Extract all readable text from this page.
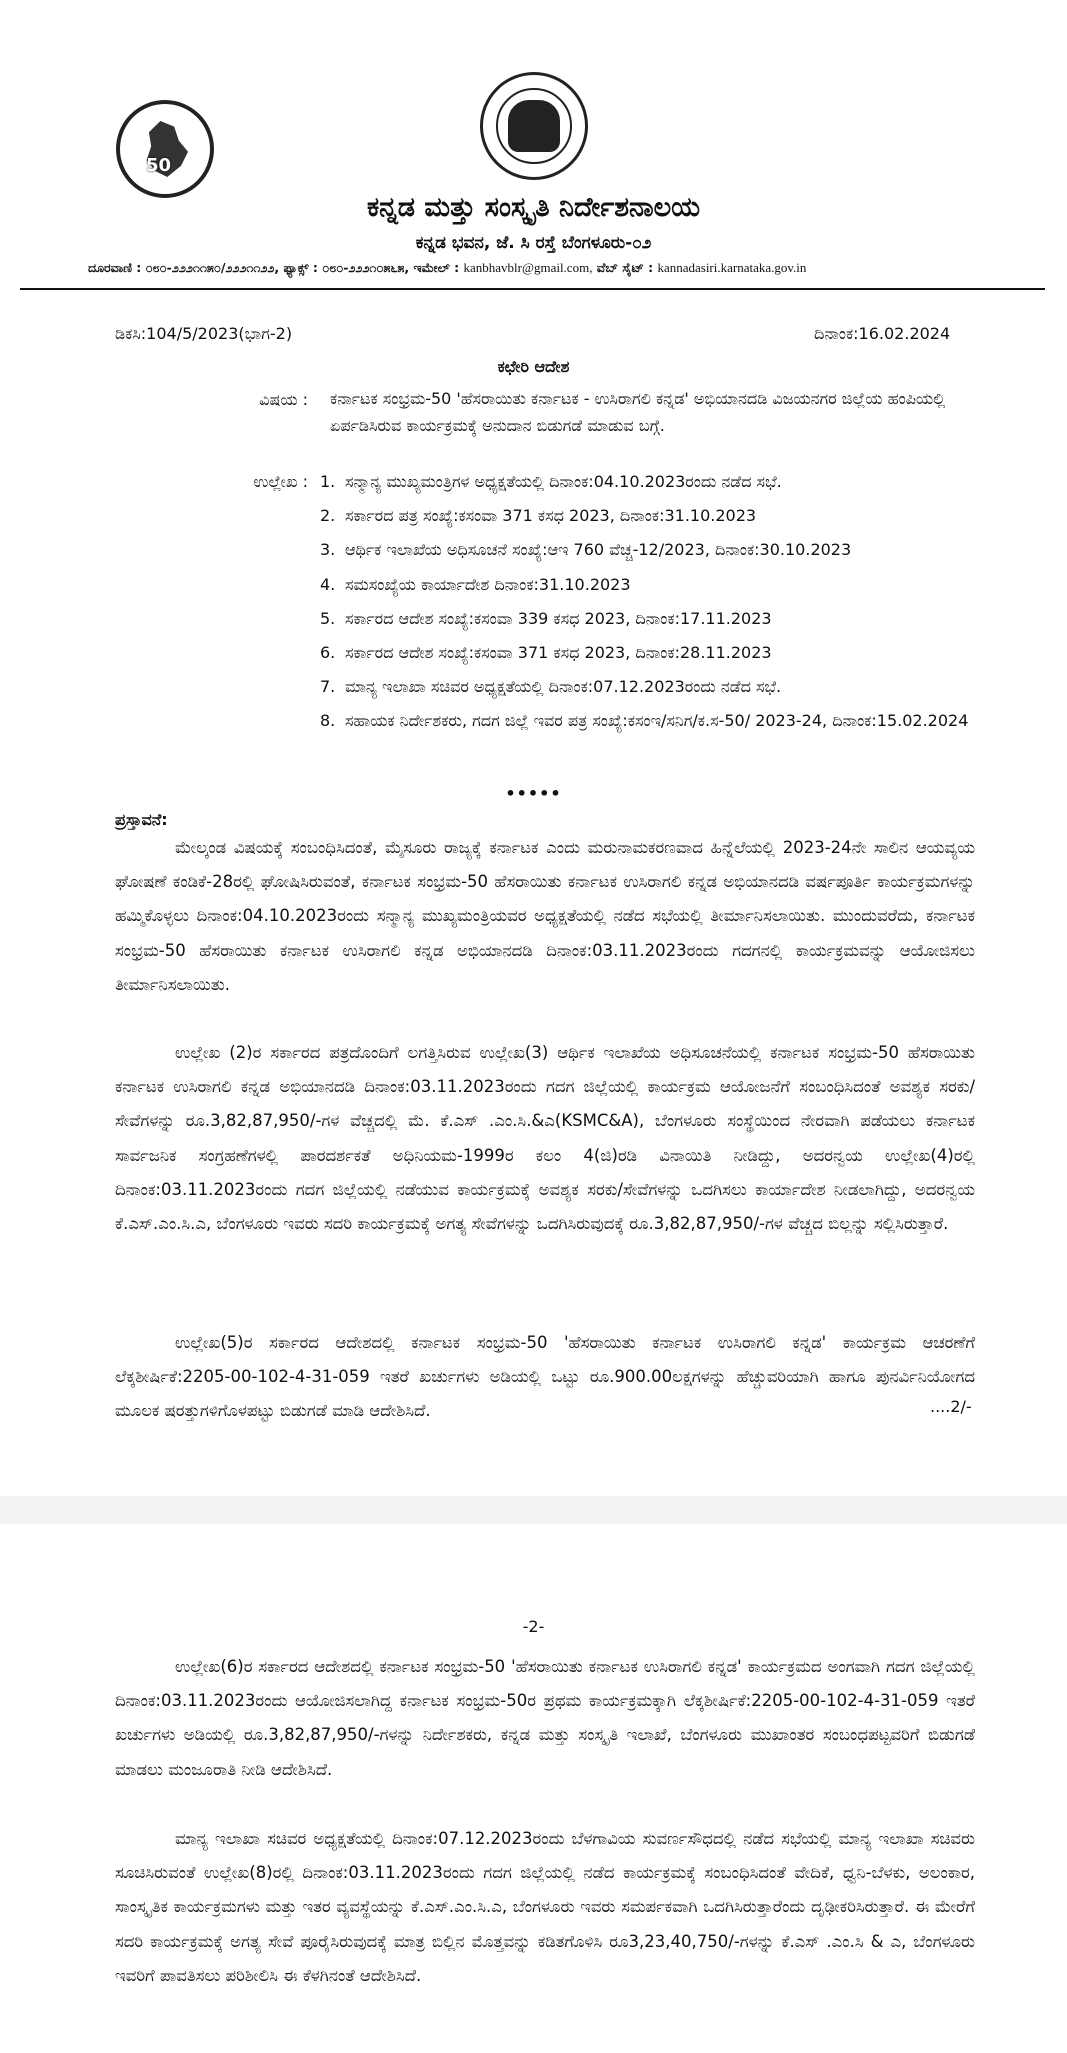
50
ಕನ್ನಡ ಮತ್ತು ಸಂಸ್ಕೃತಿ ನಿರ್ದೇಶನಾಲಯ
ಕನ್ನಡ ಭವನ, ಜೆ. ಸಿ ರಸ್ತೆ ಬೆಂಗಳೂರು-೦೨
ದೂರವಾಣಿ : ೦೮೦-೨೨೨೧೧೫೦/೨೨೨೧೧೨೨, ಫ್ಯಾಕ್ಸ್ : ೦೮೦-೨೨೨೧೦೫೬೫, ಇಮೇಲ್ : kanbhavblr@gmail.com, ವೆಬ್ ಸೈಟ್ : kannadasiri.karnataka.gov.in
ಡಿಕಸಿ:104/5/2023(ಭಾಗ-2)	ದಿನಾಂಕ:16.02.2024
ಕಛೇರಿ ಆದೇಶ
ವಿಷಯ : ಕರ್ನಾಟಕ ಸಂಭ್ರಮ-50 'ಹೆಸರಾಯಿತು ಕರ್ನಾಟಕ - ಉಸಿರಾಗಲಿ ಕನ್ನಡ' ಅಭಿಯಾನದಡಿ ವಿಜಯನಗರ ಜಿಲ್ಲೆಯ ಹಂಪಿಯಲ್ಲಿ ಏರ್ಪಡಿಸಿರುವ ಕಾರ್ಯಕ್ರಮಕ್ಕೆ ಅನುದಾನ ಬಿಡುಗಡೆ ಮಾಡುವ ಬಗ್ಗೆ.
ಉಲ್ಲೇಖ : 1. ಸನ್ಮಾನ್ಯ ಮುಖ್ಯಮಂತ್ರಿಗಳ ಅಧ್ಯಕ್ಷತೆಯಲ್ಲಿ ದಿನಾಂಕ:04.10.2023ರಂದು ನಡೆದ ಸಭೆ.
2. ಸರ್ಕಾರದ ಪತ್ರ ಸಂಖ್ಯೆ:ಕಸಂವಾ 371 ಕಸಧ 2023, ದಿನಾಂಕ:31.10.2023
3. ಆರ್ಥಿಕ ಇಲಾಖೆಯ ಅಧಿಸೂಚನೆ ಸಂಖ್ಯೆ:ಆಇ 760 ವೆಚ್ಚ-12/2023, ದಿನಾಂಕ:30.10.2023
4. ಸಮಸಂಖ್ಯೆಯ ಕಾರ್ಯಾದೇಶ ದಿನಾಂಕ:31.10.2023
5. ಸರ್ಕಾರದ ಆದೇಶ ಸಂಖ್ಯೆ:ಕಸಂವಾ 339 ಕಸಧ 2023, ದಿನಾಂಕ:17.11.2023
6. ಸರ್ಕಾರದ ಆದೇಶ ಸಂಖ್ಯೆ:ಕಸಂವಾ 371 ಕಸಧ 2023, ದಿನಾಂಕ:28.11.2023
7. ಮಾನ್ಯ ಇಲಾಖಾ ಸಚಿವರ ಅಧ್ಯಕ್ಷತೆಯಲ್ಲಿ ದಿನಾಂಕ:07.12.2023ರಂದು ನಡೆದ ಸಭೆ.
8. ಸಹಾಯಕ ನಿರ್ದೇಶಕರು, ಗದಗ ಜಿಲ್ಲೆ ಇವರ ಪತ್ರ ಸಂಖ್ಯೆ:ಕಸಂಇ/ಸನಿಗ/ಕ.ಸ-50/ 2023-24, ದಿನಾಂಕ:15.02.2024
•••••
ಪ್ರಸ್ತಾವನೆ:

ಮೇಲ್ಕಂಡ ವಿಷಯಕ್ಕೆ ಸಂಬಂಧಿಸಿದಂತೆ, ಮೈಸೂರು ರಾಜ್ಯಕ್ಕೆ ಕರ್ನಾಟಕ ಎಂದು ಮರುನಾಮಕರಣವಾದ ಹಿನ್ನೆಲೆಯಲ್ಲಿ 2023-24ನೇ ಸಾಲಿನ ಆಯವ್ಯಯ ಘೋಷಣೆ ಕಂಡಿಕೆ-28ರಲ್ಲಿ ಘೋಷಿಸಿರುವಂತೆ, ಕರ್ನಾಟಕ ಸಂಭ್ರಮ-50 ಹೆಸರಾಯಿತು ಕರ್ನಾಟಕ ಉಸಿರಾಗಲಿ ಕನ್ನಡ ಅಭಿಯಾನದಡಿ ವರ್ಷಪೂರ್ತಿ ಕಾರ್ಯಕ್ರಮಗಳನ್ನು ಹಮ್ಮಿಕೊಳ್ಳಲು ದಿನಾಂಕ:04.10.2023ರಂದು ಸನ್ಮಾನ್ಯ ಮುಖ್ಯಮಂತ್ರಿಯವರ ಅಧ್ಯಕ್ಷತೆಯಲ್ಲಿ ನಡೆದ ಸಭೆಯಲ್ಲಿ ತೀರ್ಮಾನಿಸಲಾಯಿತು. ಮುಂದುವರೆದು, ಕರ್ನಾಟಕ ಸಂಭ್ರಮ-50 ಹೆಸರಾಯಿತು ಕರ್ನಾಟಕ ಉಸಿರಾಗಲಿ ಕನ್ನಡ ಅಭಿಯಾನದಡಿ ದಿನಾಂಕ:03.11.2023ರಂದು ಗದಗನಲ್ಲಿ ಕಾರ್ಯಕ್ರಮವನ್ನು ಆಯೋಜಿಸಲು ತೀರ್ಮಾನಿಸಲಾಯಿತು.

ಉಲ್ಲೇಖ (2)ರ ಸರ್ಕಾರದ ಪತ್ರದೊಂದಿಗೆ ಲಗತ್ತಿಸಿರುವ ಉಲ್ಲೇಖ(3) ಆರ್ಥಿಕ ಇಲಾಖೆಯ ಅಧಿಸೂಚನೆಯಲ್ಲಿ ಕರ್ನಾಟಕ ಸಂಭ್ರಮ-50 ಹೆಸರಾಯಿತು ಕರ್ನಾಟಕ ಉಸಿರಾಗಲಿ ಕನ್ನಡ ಅಭಿಯಾನದಡಿ ದಿನಾಂಕ:03.11.2023ರಂದು ಗದಗ ಜಿಲ್ಲೆಯಲ್ಲಿ ಕಾರ್ಯಕ್ರಮ ಆಯೋಜನೆಗೆ ಸಂಬಂಧಿಸಿದಂತೆ ಅವಶ್ಯಕ ಸರಕು/ಸೇವೆಗಳನ್ನು ರೂ.3,82,87,950/-ಗಳ ವೆಚ್ಚದಲ್ಲಿ ಮೆ. ಕೆ.ಎಸ್ .ಎಂ.ಸಿ.&ಎ(KSMC&A), ಬೆಂಗಳೂರು ಸಂಸ್ಥೆಯಿಂದ ನೇರವಾಗಿ ಪಡೆಯಲು ಕರ್ನಾಟಕ ಸಾರ್ವಜನಿಕ ಸಂಗ್ರಹಣೆಗಳಲ್ಲಿ ಪಾರದರ್ಶಕತೆ ಅಧಿನಿಯಮ-1999ರ ಕಲಂ 4(ಜಿ)ರಡಿ ವಿನಾಯಿತಿ ನೀಡಿದ್ದು, ಅದರನ್ವಯ ಉಲ್ಲೇಖ(4)ರಲ್ಲಿ ದಿನಾಂಕ:03.11.2023ರಂದು ಗದಗ ಜಿಲ್ಲೆಯಲ್ಲಿ ನಡೆಯುವ ಕಾರ್ಯಕ್ರಮಕ್ಕೆ ಅವಶ್ಯಕ ಸರಕು/ಸೇವೆಗಳನ್ನು ಒದಗಿಸಲು ಕಾರ್ಯಾದೇಶ ನೀಡಲಾಗಿದ್ದು, ಅದರನ್ವಯ ಕೆ.ಎಸ್.ಎಂ.ಸಿ.ಎ, ಬೆಂಗಳೂರು ಇವರು ಸದರಿ ಕಾರ್ಯಕ್ರಮಕ್ಕೆ ಅಗತ್ಯ ಸೇವೆಗಳನ್ನು ಒದಗಿಸಿರುವುದಕ್ಕೆ ರೂ.3,82,87,950/-ಗಳ ವೆಚ್ಚದ ಬಿಲ್ಲನ್ನು ಸಲ್ಲಿಸಿರುತ್ತಾರೆ.

ಉಲ್ಲೇಖ(5)ರ ಸರ್ಕಾರದ ಆದೇಶದಲ್ಲಿ ಕರ್ನಾಟಕ ಸಂಭ್ರಮ-50 'ಹೆಸರಾಯಿತು ಕರ್ನಾಟಕ ಉಸಿರಾಗಲಿ ಕನ್ನಡ' ಕಾರ್ಯಕ್ರಮ ಆಚರಣೆಗೆ ಲೆಕ್ಕಶೀರ್ಷಿಕೆ:2205-00-102-4-31-059 ಇತರೆ ಖರ್ಚುಗಳು ಅಡಿಯಲ್ಲಿ ಒಟ್ಟು ರೂ.900.00ಲಕ್ಷಗಳನ್ನು ಹೆಚ್ಚುವರಿಯಾಗಿ ಹಾಗೂ ಪುನರ್ವಿನಿಯೋಗದ ಮೂಲಕ ಷರತ್ತುಗಳಿಗೊಳಪಟ್ಟು ಬಿಡುಗಡೆ ಮಾಡಿ ಆದೇಶಿಸಿದೆ.	....2/-
-2-

ಉಲ್ಲೇಖ(6)ರ ಸರ್ಕಾರದ ಆದೇಶದಲ್ಲಿ ಕರ್ನಾಟಕ ಸಂಭ್ರಮ-50 'ಹೆಸರಾಯಿತು ಕರ್ನಾಟಕ ಉಸಿರಾಗಲಿ ಕನ್ನಡ' ಕಾರ್ಯಕ್ರಮದ ಅಂಗವಾಗಿ ಗದಗ ಜಿಲ್ಲೆಯಲ್ಲಿ ದಿನಾಂಕ:03.11.2023ರಂದು ಆಯೋಜಿಸಲಾಗಿದ್ದ ಕರ್ನಾಟಕ ಸಂಭ್ರಮ-50ರ ಪ್ರಥಮ ಕಾರ್ಯಕ್ರಮಕ್ಕಾಗಿ ಲೆಕ್ಕಶೀರ್ಷಿಕೆ:2205-00-102-4-31-059 ಇತರೆ ಖರ್ಚುಗಳು ಅಡಿಯಲ್ಲಿ ರೂ.3,82,87,950/-ಗಳನ್ನು ನಿರ್ದೇಶಕರು, ಕನ್ನಡ ಮತ್ತು ಸಂಸ್ಕೃತಿ ಇಲಾಖೆ, ಬೆಂಗಳೂರು ಮುಖಾಂತರ ಸಂಬಂಧಪಟ್ಟವರಿಗೆ ಬಿಡುಗಡೆ ಮಾಡಲು ಮಂಜೂರಾತಿ ನೀಡಿ ಆದೇಶಿಸಿದೆ.

ಮಾನ್ಯ ಇಲಾಖಾ ಸಚಿವರ ಅಧ್ಯಕ್ಷತೆಯಲ್ಲಿ ದಿನಾಂಕ:07.12.2023ರಂದು ಬೆಳಗಾವಿಯ ಸುವರ್ಣಸೌಧದಲ್ಲಿ ನಡೆದ ಸಭೆಯಲ್ಲಿ ಮಾನ್ಯ ಇಲಾಖಾ ಸಚಿವರು ಸೂಚಿಸಿರುವಂತೆ ಉಲ್ಲೇಖ(8)ರಲ್ಲಿ ದಿನಾಂಕ:03.11.2023ರಂದು ಗದಗ ಜಿಲ್ಲೆಯಲ್ಲಿ ನಡೆದ ಕಾರ್ಯಕ್ರಮಕ್ಕೆ ಸಂಬಂಧಿಸಿದಂತೆ ವೇದಿಕೆ, ಧ್ವನಿ-ಬೆಳಕು, ಅಲಂಕಾರ, ಸಾಂಸ್ಕೃತಿಕ ಕಾರ್ಯಕ್ರಮಗಳು ಮತ್ತು ಇತರ ವ್ಯವಸ್ಥೆಯನ್ನು ಕೆ.ಎಸ್.ಎಂ.ಸಿ.ಎ, ಬೆಂಗಳೂರು ಇವರು ಸಮರ್ಪಕವಾಗಿ ಒದಗಿಸಿರುತ್ತಾರೆಂದು ದೃಢೀಕರಿಸಿರುತ್ತಾರೆ. ಈ ಮೇರೆಗೆ ಸದರಿ ಕಾರ್ಯಕ್ರಮಕ್ಕೆ ಅಗತ್ಯ ಸೇವೆ ಪೂರೈಸಿರುವುದಕ್ಕೆ ಮಾತ್ರ ಬಿಲ್ಲಿನ ಮೊತ್ತವನ್ನು ಕಡಿತಗೊಳಿಸಿ ರೂ3,23,40,750/-ಗಳನ್ನು ಕೆ.ಎಸ್ .ಎಂ.ಸಿ & ಎ, ಬೆಂಗಳೂರು ಇವರಿಗೆ ಪಾವತಿಸಲು ಪರಿಶೀಲಿಸಿ ಈ ಕೆಳಗಿನಂತೆ ಆದೇಶಿಸಿದೆ.
